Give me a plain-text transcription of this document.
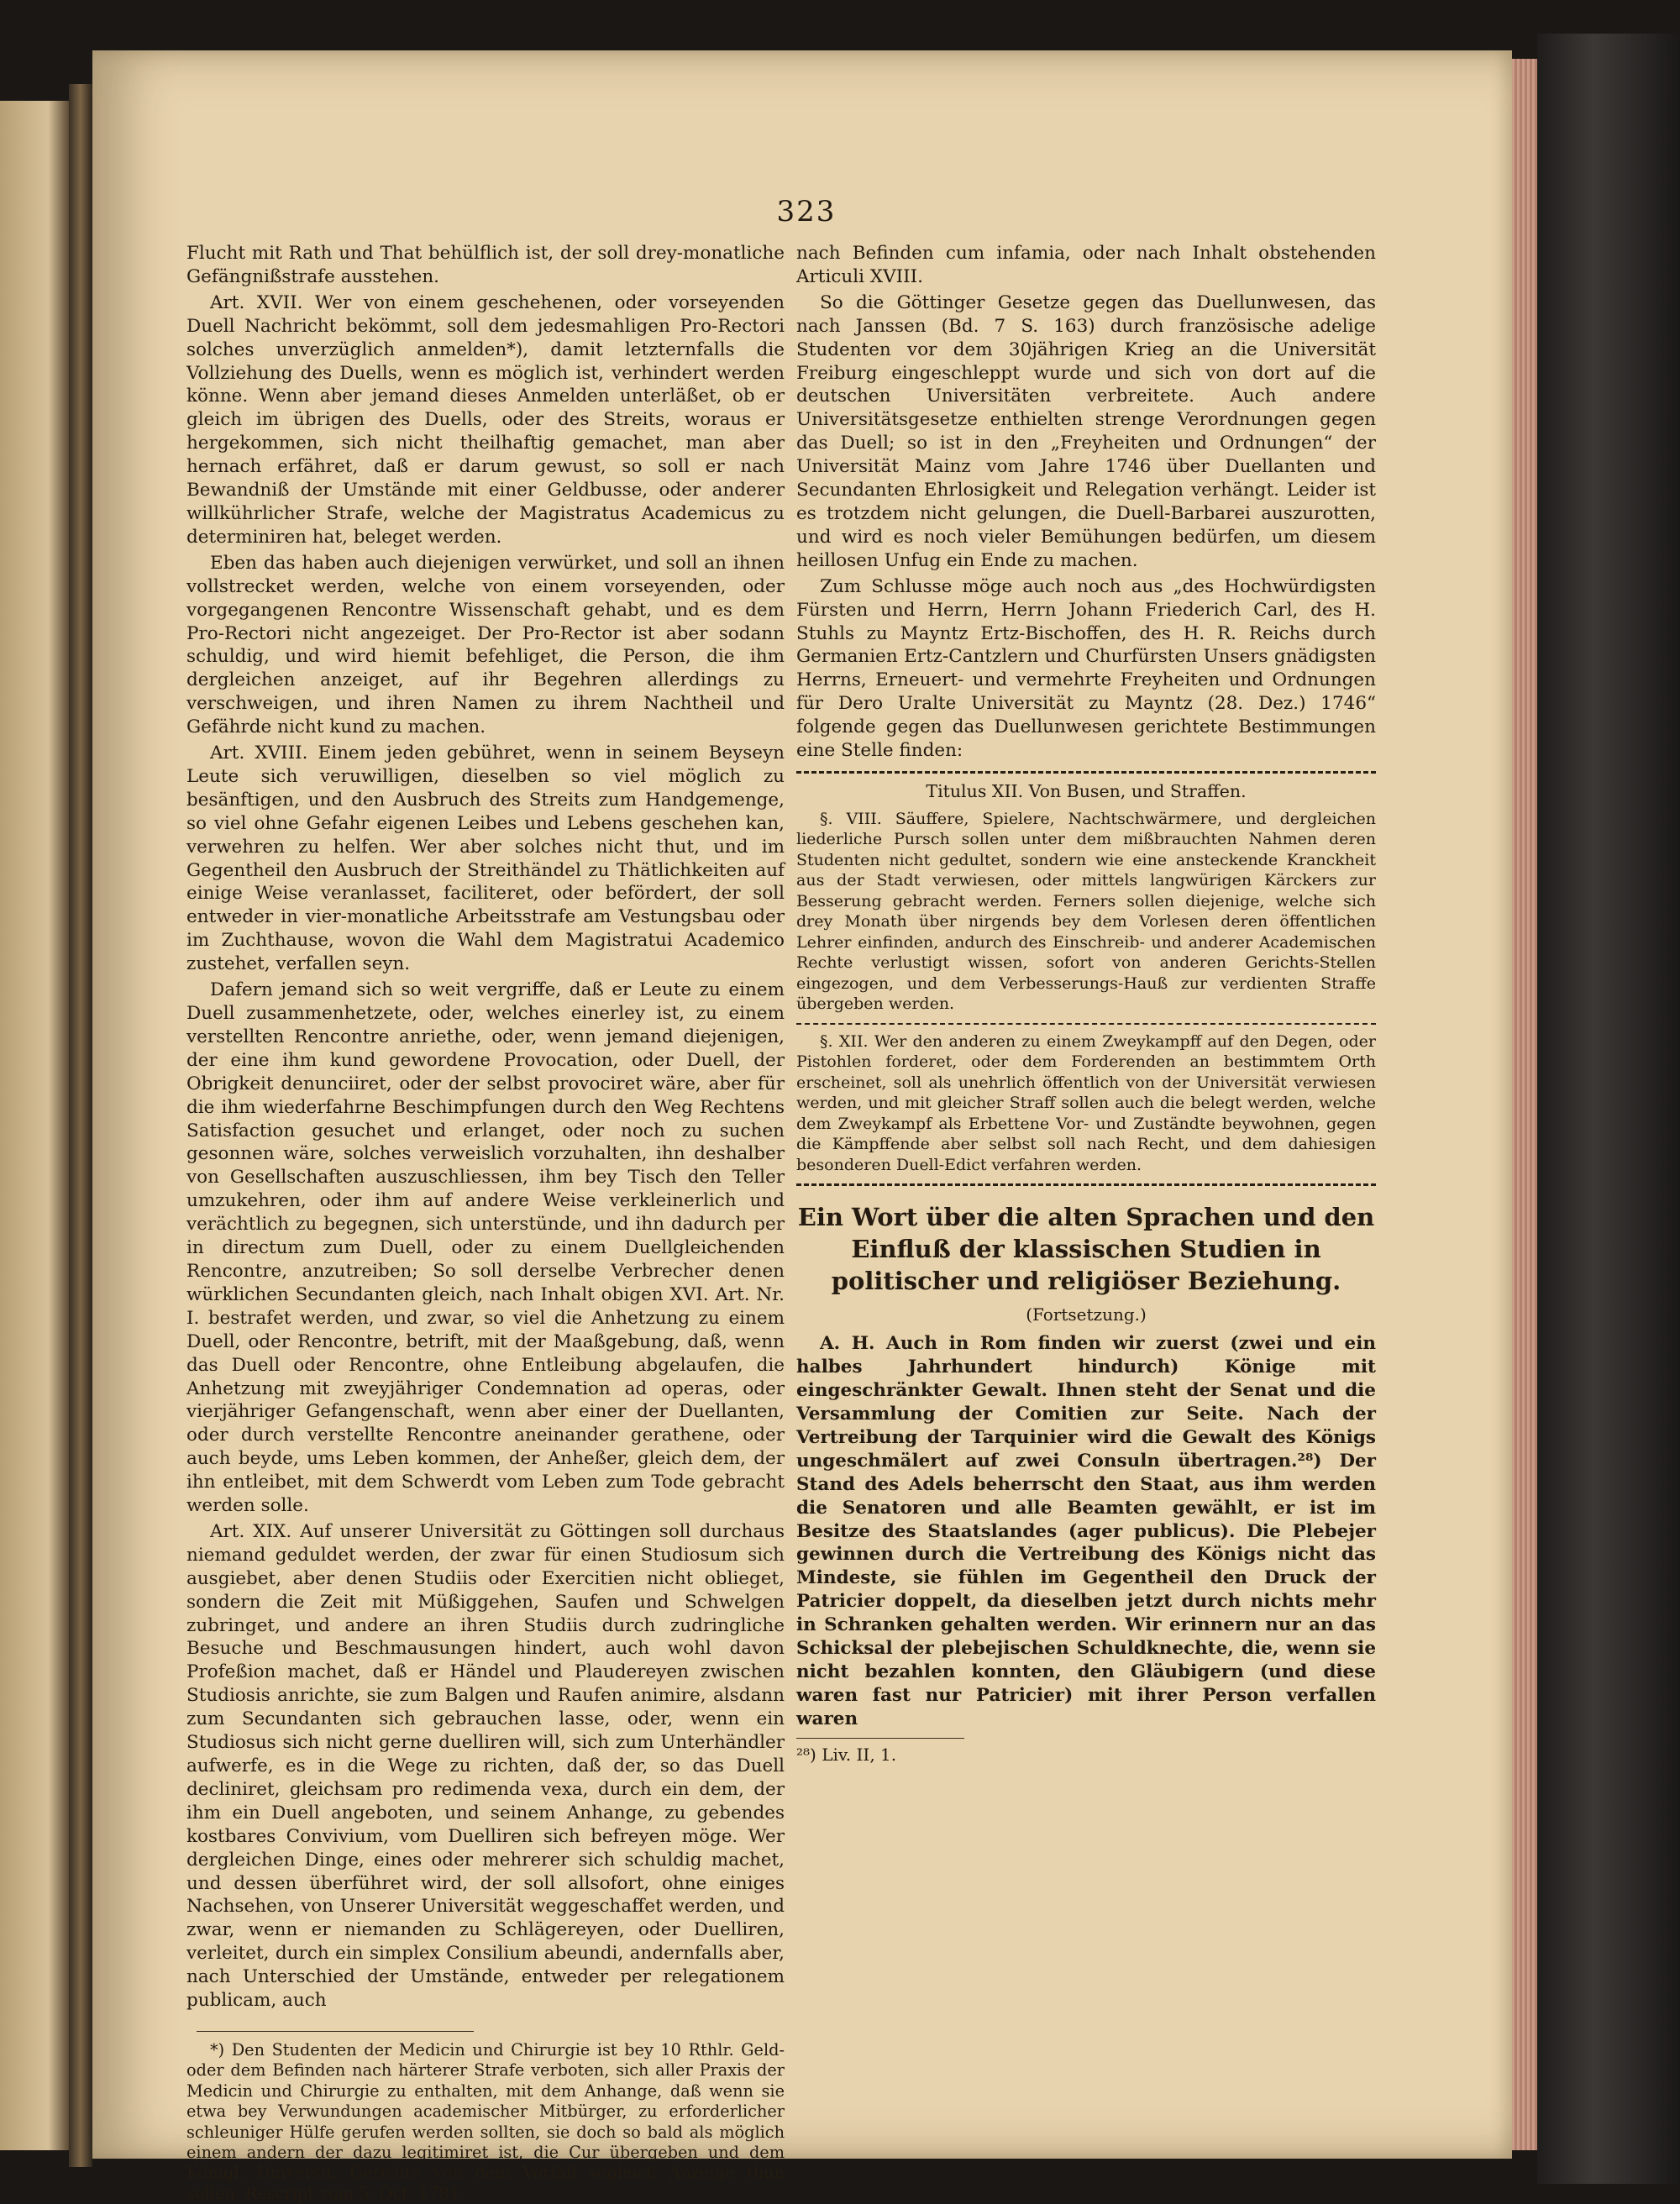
323

Flucht mit Rath und That behülflich ist, der soll drey-monatliche Gefängnißstrafe ausstehen.

Art. XVII. Wer von einem geschehenen, oder vorseyenden Duell Nachricht bekömmt, soll dem jedesmahligen Pro-Rectori solches unverzüglich anmelden*), damit letzternfalls die Vollziehung des Duells, wenn es möglich ist, verhindert werden könne. Wenn aber jemand dieses Anmelden unterläßet, ob er gleich im übrigen des Duells, oder des Streits, woraus er hergekommen, sich nicht theilhaftig gemachet, man aber hernach erfähret, daß er darum gewust, so soll er nach Bewandniß der Umstände mit einer Geldbusse, oder anderer willkührlicher Strafe, welche der Magistratus Academicus zu determiniren hat, beleget werden.

Eben das haben auch diejenigen verwürket, und soll an ihnen vollstrecket werden, welche von einem vorseyenden, oder vorgegangenen Rencontre Wissenschaft gehabt, und es dem Pro-Rectori nicht angezeiget. Der Pro-Rector ist aber sodann schuldig, und wird hiemit befehliget, die Person, die ihm dergleichen anzeiget, auf ihr Begehren allerdings zu verschweigen, und ihren Namen zu ihrem Nachtheil und Gefährde nicht kund zu machen.

Art. XVIII. Einem jeden gebühret, wenn in seinem Beyseyn Leute sich veruwilligen, dieselben so viel möglich zu besänftigen, und den Ausbruch des Streits zum Handgemenge, so viel ohne Gefahr eigenen Leibes und Lebens geschehen kan, verwehren zu helfen. Wer aber solches nicht thut, und im Gegentheil den Ausbruch der Streithändel zu Thätlichkeiten auf einige Weise veranlasset, faciliteret, oder befördert, der soll entweder in vier-monatliche Arbeitsstrafe am Vestungsbau oder im Zuchthause, wovon die Wahl dem Magistratui Academico zustehet, verfallen seyn.

Dafern jemand sich so weit vergriffe, daß er Leute zu einem Duell zusammenhetzete, oder, welches einerley ist, zu einem verstellten Rencontre anriethe, oder, wenn jemand diejenigen, der eine ihm kund gewordene Provocation, oder Duell, der Obrigkeit denunciiret, oder der selbst provociret wäre, aber für die ihm wiederfahrne Beschimpfungen durch den Weg Rechtens Satisfaction gesuchet und erlanget, oder noch zu suchen gesonnen wäre, solches verweislich vorzuhalten, ihn deshalber von Gesellschaften auszuschliessen, ihm bey Tisch den Teller umzukehren, oder ihm auf andere Weise verkleinerlich und verächtlich zu begegnen, sich unterstünde, und ihn dadurch per in directum zum Duell, oder zu einem Duellgleichenden Rencontre, anzutreiben; So soll derselbe Verbrecher denen würklichen Secundanten gleich, nach Inhalt obigen XVI. Art. Nr. I. bestrafet werden, und zwar, so viel die Anhetzung zu einem Duell, oder Rencontre, betrift, mit der Maaßgebung, daß, wenn das Duell oder Rencontre, ohne Entleibung abgelaufen, die Anhetzung mit zweyjähriger Condemnation ad operas, oder vierjähriger Gefangenschaft, wenn aber einer der Duellanten, oder durch verstellte Rencontre aneinander gerathene, oder auch beyde, ums Leben kommen, der Anheßer, gleich dem, der ihn entleibet, mit dem Schwerdt vom Leben zum Tode gebracht werden solle.

Art. XIX. Auf unserer Universität zu Göttingen soll durchaus niemand geduldet werden, der zwar für einen Studiosum sich ausgiebet, aber denen Studiis oder Exercitien nicht oblieget, sondern die Zeit mit Müßiggehen, Saufen und Schwelgen zubringet, und andere an ihren Studiis durch zudringliche Besuche und Beschmausungen hindert, auch wohl davon Profeßion machet, daß er Händel und Plaudereyen zwischen Studiosis anrichte, sie zum Balgen und Raufen animire, alsdann zum Secundanten sich gebrauchen lasse, oder, wenn ein Studiosus sich nicht gerne duelliren will, sich zum Unterhändler aufwerfe, es in die Wege zu richten, daß der, so das Duell decliniret, gleichsam pro redimenda vexa, durch ein dem, der ihm ein Duell angeboten, und seinem Anhange, zu gebendes kostbares Convivium, vom Duelliren sich befreyen möge. Wer dergleichen Dinge, eines oder mehrerer sich schuldig machet, und dessen überführet wird, der soll allsofort, ohne einiges Nachsehen, von Unserer Universität weggeschaffet werden, und zwar, wenn er niemanden zu Schlägereyen, oder Duelliren, verleitet, durch ein simplex Consilium abeundi, andernfalls aber, nach Unterschied der Umstände, entweder per relegationem publicam, auch

*) Den Studenten der Medicin und Chirurgie ist bey 10 Rthlr. Geld- oder dem Befinden nach härterer Strafe verboten, sich aller Praxis der Medicin und Chirurgie zu enthalten, mit dem Anhange, daß wenn sie etwa bey Verwundungen academischer Mitbürger, zu erforderlicher schleuniger Hülfe gerufen werden sollten, sie doch so bald als möglich einem andern der dazu legitimiret ist, die Cur übergeben und dem Königl. Universit. Gerichte von dem Vorfall sogleich Anzeige thun sollen. Rescript vom 5. Oct. 1781.

nach Befinden cum infamia, oder nach Inhalt obstehenden Articuli XVIII.

So die Göttinger Gesetze gegen das Duellunwesen, das nach Janssen (Bd. 7 S. 163) durch französische adelige Studenten vor dem 30jährigen Krieg an die Universität Freiburg eingeschleppt wurde und sich von dort auf die deutschen Universitäten verbreitete. Auch andere Universitätsgesetze enthielten strenge Verordnungen gegen das Duell; so ist in den „Freyheiten und Ordnungen“ der Universität Mainz vom Jahre 1746 über Duellanten und Secundanten Ehrlosigkeit und Relegation verhängt. Leider ist es trotzdem nicht gelungen, die Duell-Barbarei auszurotten, und wird es noch vieler Bemühungen bedürfen, um diesem heillosen Unfug ein Ende zu machen.

Zum Schlusse möge auch noch aus „des Hochwürdigsten Fürsten und Herrn, Herrn Johann Friederich Carl, des H. Stuhls zu Mayntz Ertz-Bischoffen, des H. R. Reichs durch Germanien Ertz-Cantzlern und Churfürsten Unsers gnädigsten Herrns, Erneuert- und vermehrte Freyheiten und Ordnungen für Dero Uralte Universität zu Mayntz (28. Dez.) 1746“ folgende gegen das Duellunwesen gerichtete Bestimmungen eine Stelle finden:

Titulus XII. Von Busen, und Straffen.

§. VIII. Säuffere, Spielere, Nachtschwärmere, und dergleichen liederliche Pursch sollen unter dem mißbrauchten Nahmen deren Studenten nicht gedultet, sondern wie eine ansteckende Kranckheit aus der Stadt verwiesen, oder mittels langwürigen Kärckers zur Besserung gebracht werden. Ferners sollen diejenige, welche sich drey Monath über nirgends bey dem Vorlesen deren öffentlichen Lehrer einfinden, andurch des Einschreib- und anderer Academischen Rechte verlustigt wissen, sofort von anderen Gerichts-Stellen eingezogen, und dem Verbesserungs-Hauß zur verdienten Straffe übergeben werden.

§. XII. Wer den anderen zu einem Zweykampff auf den Degen, oder Pistohlen forderet, oder dem Forderenden an bestimmtem Orth erscheinet, soll als unehrlich öffentlich von der Universität verwiesen werden, und mit gleicher Straff sollen auch die belegt werden, welche dem Zweykampf als Erbettene Vor- und Zuständte beywohnen, gegen die Kämpffende aber selbst soll nach Recht, und dem dahiesigen besonderen Duell-Edict verfahren werden.

Ein Wort über die alten Sprachen und den Einfluß der klassischen Studien in politischer und religiöser Beziehung.
(Fortsetzung.)

A. H. Auch in Rom finden wir zuerst (zwei und ein halbes Jahrhundert hindurch) Könige mit eingeschränkter Gewalt. Ihnen steht der Senat und die Versammlung der Comitien zur Seite. Nach der Vertreibung der Tarquinier wird die Gewalt des Königs ungeschmälert auf zwei Consuln übertragen.²⁸) Der Stand des Adels beherrscht den Staat, aus ihm werden die Senatoren und alle Beamten gewählt, er ist im Besitze des Staatslandes (ager publicus). Die Plebejer gewinnen durch die Vertreibung des Königs nicht das Mindeste, sie fühlen im Gegentheil den Druck der Patricier doppelt, da dieselben jetzt durch nichts mehr in Schranken gehalten werden. Wir erinnern nur an das Schicksal der plebejischen Schuldknechte, die, wenn sie nicht bezahlen konnten, den Gläubigern (und diese waren fast nur Patricier) mit ihrer Person verfallen waren

²⁸) Liv. II, 1.
